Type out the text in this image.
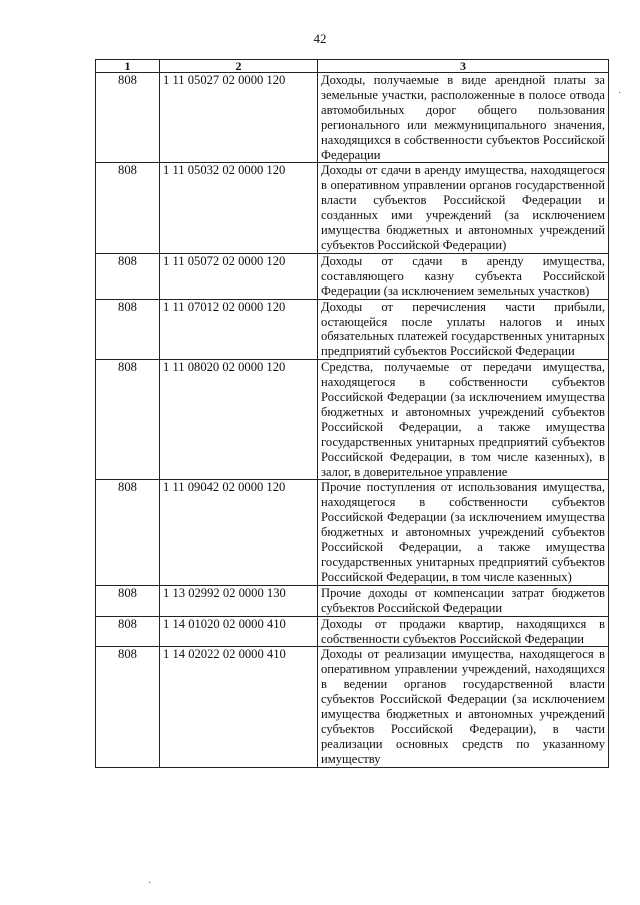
42
1	2	3
808	1 11 05027 02 0000 120	Доходы, получаемые в виде арендной платы за земельные участки, расположенные в полосе отвода автомобильных дорог общего пользования регионального или межмуниципального значения, находящихся в собственности субъектов Российской Федерации
808	1 11 05032 02 0000 120	Доходы от сдачи в аренду имущества, находящегося в оперативном управлении органов государственной власти субъектов Российской Федерации и созданных ими учреждений (за исключением имущества бюджетных и автономных учреждений субъектов Российской Федерации)
808	1 11 05072 02 0000 120	Доходы от сдачи в аренду имущества, составляющего казну субъекта Российской Федерации (за исключением земельных участков)
808	1 11 07012 02 0000 120	Доходы от перечисления части прибыли, остающейся после уплаты налогов и иных обязательных платежей государственных унитарных предприятий субъектов Российской Федерации
808	1 11 08020 02 0000 120	Средства, получаемые от передачи имущества, находящегося в собственности субъектов Российской Федерации (за исключением имущества бюджетных и автономных учреждений субъектов Российской Федерации, а также имущества государственных унитарных предприятий субъектов Российской Федерации, в том числе казенных), в залог, в доверительное управление
808	1 11 09042 02 0000 120	Прочие поступления от использования имущества, находящегося в собственности субъектов Российской Федерации (за исключением имущества бюджетных и автономных учреждений субъектов Российской Федерации, а также имущества государственных унитарных предприятий субъектов Российской Федерации, в том числе казенных)
808	1 13 02992 02 0000 130	Прочие доходы от компенсации затрат бюджетов субъектов Российской Федерации
808	1 14 01020 02 0000 410	Доходы от продажи квартир, находящихся в собственности субъектов Российской Федерации
808	1 14 02022 02 0000 410	Доходы от реализации имущества, находящегося в оперативном управлении учреждений, находящихся в ведении органов государственной власти субъектов Российской Федерации (за исключением имущества бюджетных и автономных учреждений субъектов Российской Федерации), в части реализации основных средств по указанному имуществу
·
·
